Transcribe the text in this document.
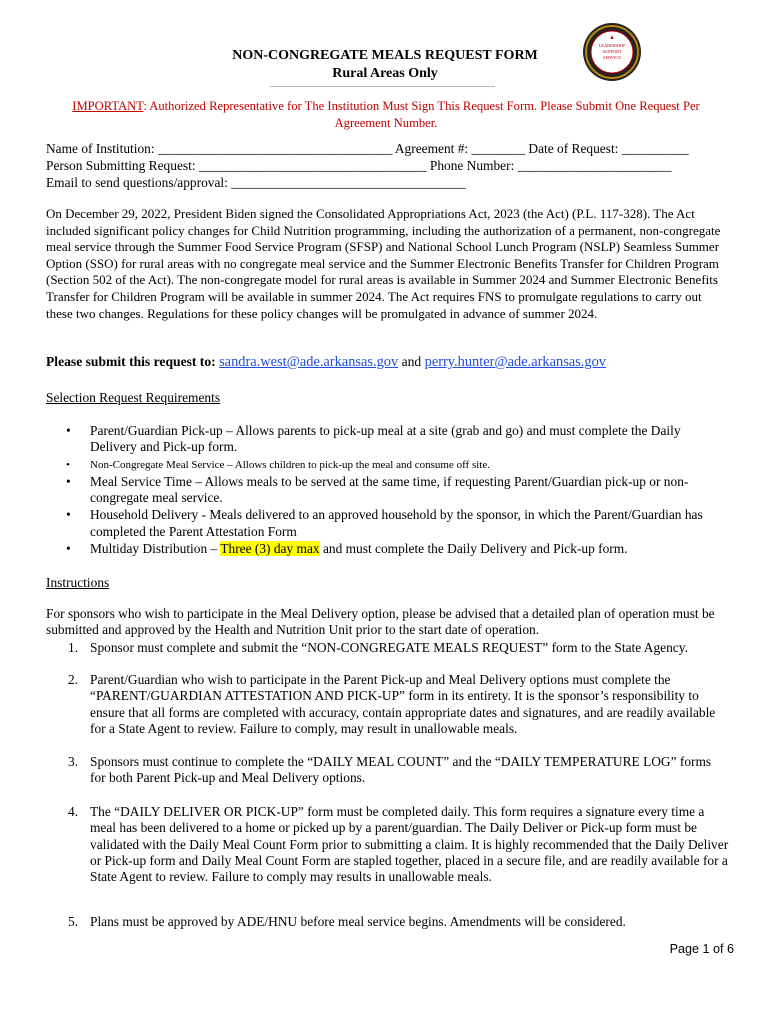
LEADERSHIP
SUPPORT
SERVICE
NON-CONGREGATE MEALS REQUEST FORM
Rural Areas Only
IMPORTANT: Authorized Representative for The Institution Must Sign This Request Form. Please Submit One Request Per Agreement Number.
Name of Institution: ___________________________________ Agreement #: ________ Date of Request: __________
Person Submitting Request: __________________________________ Phone Number: _______________________
Email to send questions/approval: ___________________________________
On December 29, 2022, President Biden signed the Consolidated Appropriations Act, 2023 (the Act) (P.L. 117-328). The Act included significant policy changes for Child Nutrition programming, including the authorization of a permanent, non-congregate meal service through the Summer Food Service Program (SFSP) and National School Lunch Program (NSLP) Seamless Summer Option (SSO) for rural areas with no congregate meal service and the Summer Electronic Benefits Transfer for Children Program (Section 502 of the Act). The non-congregate model for rural areas is available in Summer 2024 and Summer Electronic Benefits Transfer for Children Program will be available in summer 2024. The Act requires FNS to promulgate regulations to carry out these two changes. Regulations for these policy changes will be promulgated in advance of summer 2024.
Please submit this request to: sandra.west@ade.arkansas.gov and perry.hunter@ade.arkansas.gov
Selection Request Requirements
• Parent/Guardian Pick-up – Allows parents to pick-up meal at a site (grab and go) and must complete the Daily Delivery and Pick-up form.
• Non-Congregate Meal Service – Allows children to pick-up the meal and consume off site.
• Meal Service Time – Allows meals to be served at the same time, if requesting Parent/Guardian pick-up or non-congregate meal service.
• Household Delivery - Meals delivered to an approved household by the sponsor, in which the Parent/Guardian has completed the Parent Attestation Form
• Multiday Distribution – Three (3) day max and must complete the Daily Delivery and Pick-up form.
Instructions
For sponsors who wish to participate in the Meal Delivery option, please be advised that a detailed plan of operation must be submitted and approved by the Health and Nutrition Unit prior to the start date of operation.
1. Sponsor must complete and submit the “NON-CONGREGATE MEALS REQUEST” form to the State Agency.
2. Parent/Guardian who wish to participate in the Parent Pick-up and Meal Delivery options must complete the “PARENT/GUARDIAN ATTESTATION AND PICK-UP” form in its entirety. It is the sponsor’s responsibility to ensure that all forms are completed with accuracy, contain appropriate dates and signatures, and are readily available for a State Agent to review. Failure to comply, may result in unallowable meals.
3. Sponsors must continue to complete the “DAILY MEAL COUNT” and the “DAILY TEMPERATURE LOG” forms for both Parent Pick-up and Meal Delivery options.
4. The “DAILY DELIVER OR PICK-UP” form must be completed daily. This form requires a signature every time a meal has been delivered to a home or picked up by a parent/guardian. The Daily Deliver or Pick-up form must be validated with the Daily Meal Count Form prior to submitting a claim. It is highly recommended that the Daily Deliver or Pick-up form and Daily Meal Count Form are stapled together, placed in a secure file, and are readily available for a State Agent to review. Failure to comply may results in unallowable meals.
5. Plans must be approved by ADE/HNU before meal service begins. Amendments will be considered.
Page 1 of 6
